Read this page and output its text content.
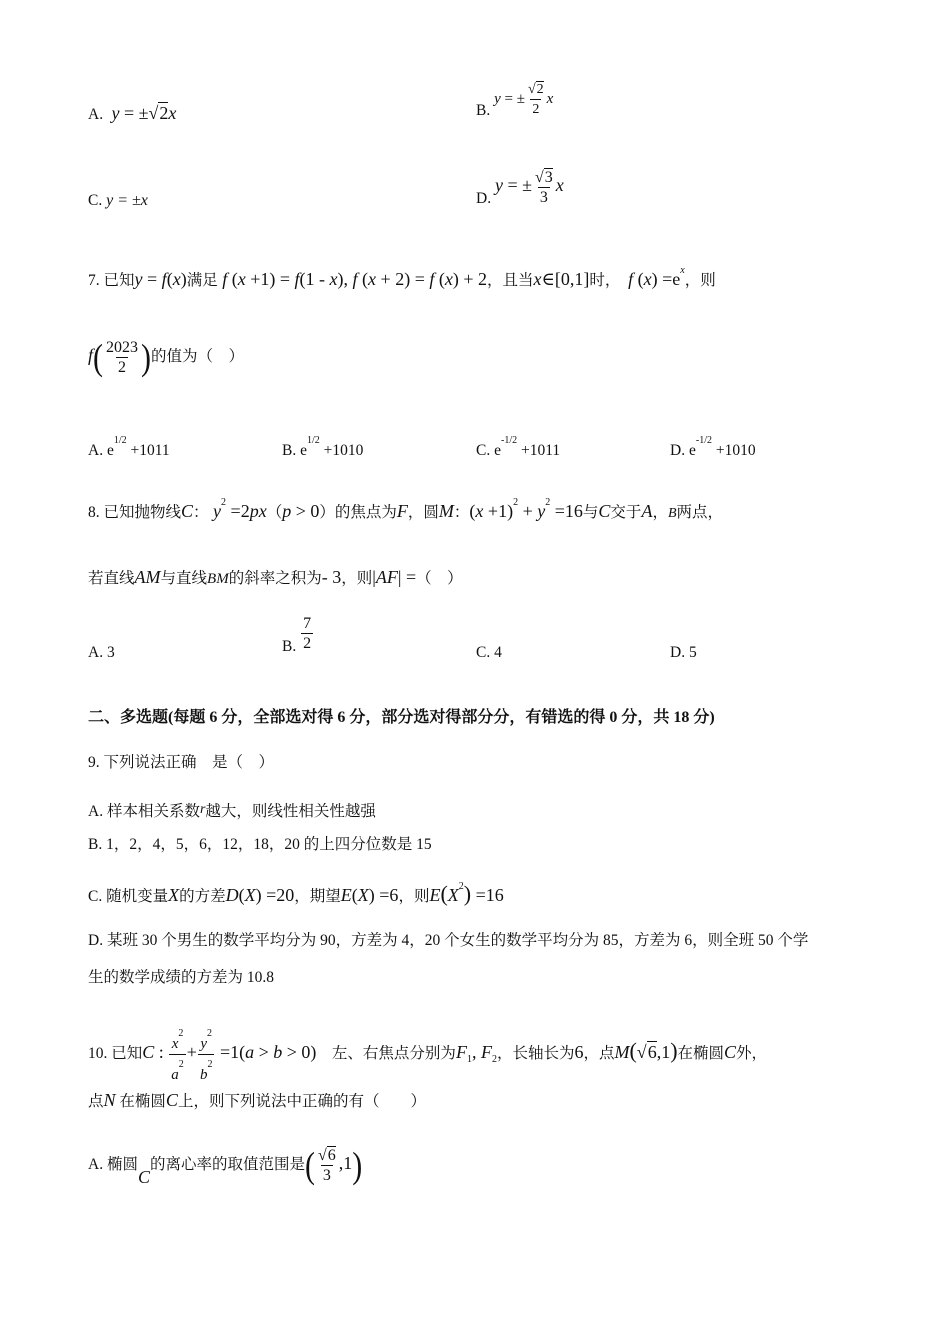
A.  y = ±√2x	B. y = ± $\frac{√2}{2}$ x
C. y = ±x	D. y = ± $\frac{√3}{3}$ x
7. 已知y = f(x)满足 f (x +1) = f(1 - x), f (x + 2) = f (x) + 2，且当x∈[0,1]时， f $(x) =e^x$，则
$f( \frac{2023}{2}$ )的值为（　）
A. $e^{1/2} +1011$	B. $e^{1/2} +1010$	C. $e^{-1/2} +1011$	D. $e^{-1/2} +1010$
8. 已知抛物线C： $y^2 =2px(p > 0)$的焦点为F，圆M：$(x +1)^2 + y^2 =16$与C交于A，B两点，
若直线AM与直线BM的斜率之积为- 3，则|AF| =（　）
A. 3	B. $\frac{7}{2}$	C. 4	D. 5
二、多选题(每题 6 分，全部选对得 6 分，部分选对得部分分，有错选的得 0 分，共 18 分)
9. 下列说法正确　是（　）
A. 样本相关系数r越大，则线性相关性越强
B. 1，2，4，5，6，12，18，20 的上四分位数是 15
C. 随机变量X的方差D(X) =20，期望E(X) =6，则$E(X^2) =16$
D. 某班 30 个男生的数学平均分为 90，方差为 4，20 个女生的数学平均分为 85，方差为 6，则全班 50 个学
生的数学成绩的方差为 10.8
10. 已知C : $\frac{x^2}{a^2} + \frac{y^2}{b^2} =1(a > b > 0)$ 左、右焦点分别为$F_1$, $F_2$，长轴长为6，点M(√6,1)在椭圆C外，
点N 在椭圆C上，则下列说法中正确的有（　　）
A. 椭圆C的离心率的取值范围是( $\frac{√6}{3} ,1$)
